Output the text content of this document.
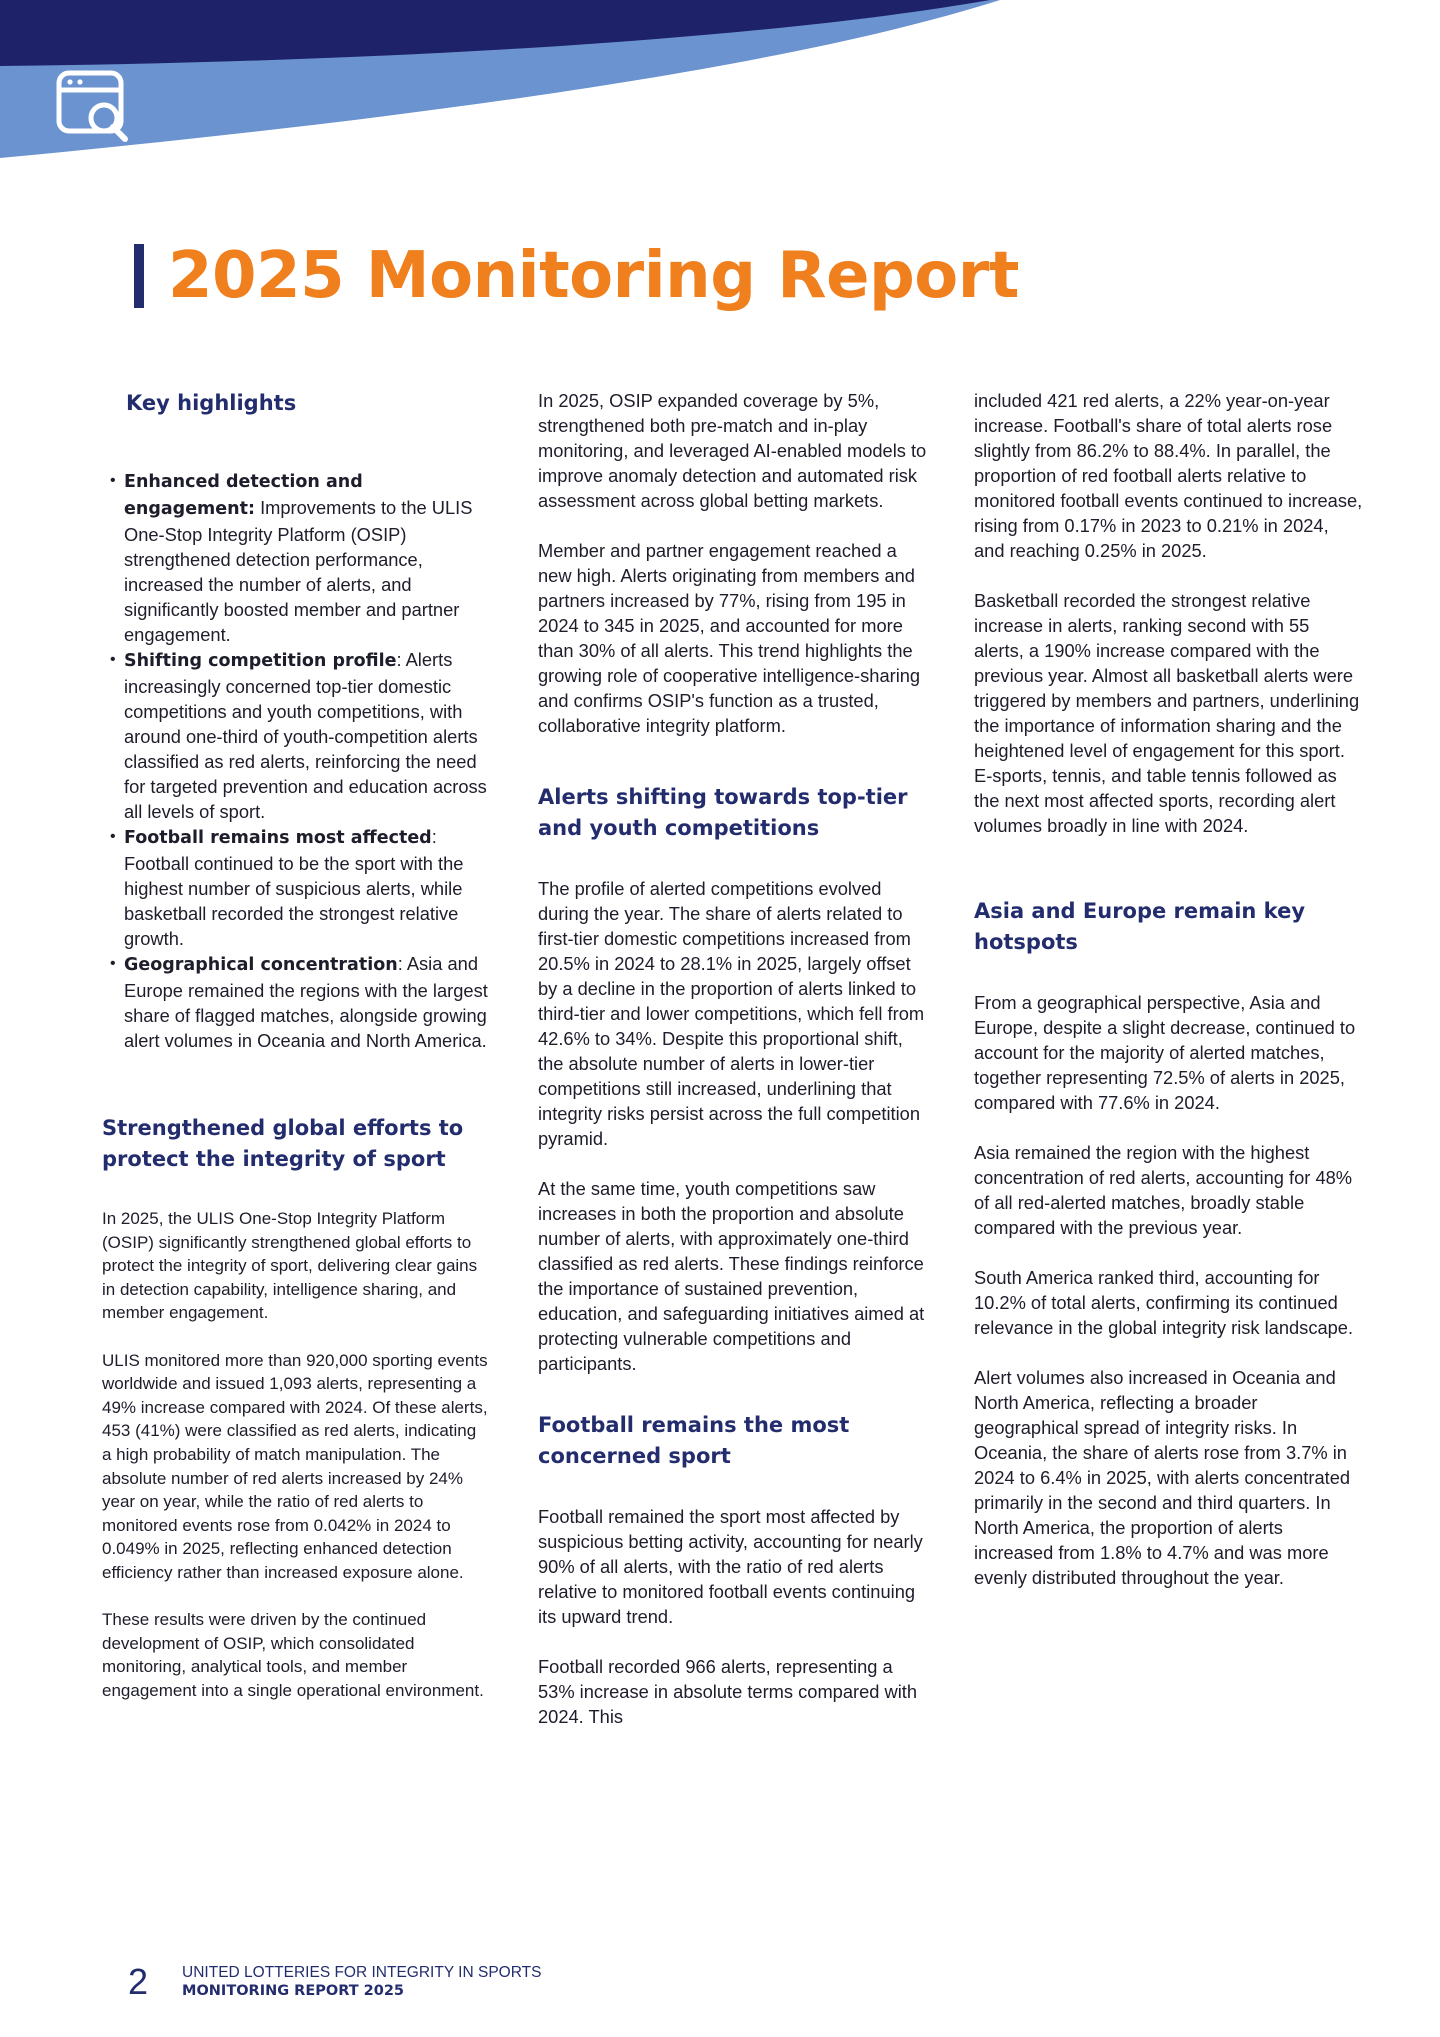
2025 Monitoring Report
Key highlights
• Enhanced detection and engagement: Improvements to the ULIS One-Stop Integrity Platform (OSIP) strengthened detection performance, increased the number of alerts, and significantly boosted member and partner engagement.
• Shifting competition profile: Alerts increasingly concerned top-tier domestic competitions and youth competitions, with around one-third of youth-competition alerts classified as red alerts, reinforcing the need for targeted prevention and education across all levels of sport.
• Football remains most affected: Football continued to be the sport with the highest number of suspicious alerts, while basketball recorded the strongest relative growth.
• Geographical concentration: Asia and Europe remained the regions with the largest share of flagged matches, alongside growing alert volumes in Oceania and North America.
Strengthened global efforts to protect the integrity of sport

In 2025, the ULIS One-Stop Integrity Platform (OSIP) significantly strengthened global efforts to protect the integrity of sport, delivering clear gains in detection capability, intelligence sharing, and member engagement.

ULIS monitored more than 920,000 sporting events worldwide and issued 1,093 alerts, representing a 49% increase compared with 2024. Of these alerts, 453 (41%) were classified as red alerts, indicating a high probability of match manipulation. The absolute number of red alerts increased by 24% year on year, while the ratio of red alerts to monitored events rose from 0.042% in 2024 to 0.049% in 2025, reflecting enhanced detection efficiency rather than increased exposure alone.

These results were driven by the continued development of OSIP, which consolidated monitoring, analytical tools, and member engagement into a single operational environment.

In 2025, OSIP expanded coverage by 5%, strengthened both pre-match and in-play monitoring, and leveraged AI-enabled models to improve anomaly detection and automated risk assessment across global betting markets.

Member and partner engagement reached a new high. Alerts originating from members and partners increased by 77%, rising from 195 in 2024 to 345 in 2025, and accounted for more than 30% of all alerts. This trend highlights the growing role of cooperative intelligence-sharing and confirms OSIP's function as a trusted, collaborative integrity platform.

Alerts shifting towards top-tier and youth competitions

The profile of alerted competitions evolved during the year. The share of alerts related to first-tier domestic competitions increased from 20.5% in 2024 to 28.1% in 2025, largely offset by a decline in the proportion of alerts linked to third-tier and lower competitions, which fell from 42.6% to 34%. Despite this proportional shift, the absolute number of alerts in lower-tier competitions still increased, underlining that integrity risks persist across the full competition pyramid.

At the same time, youth competitions saw increases in both the proportion and absolute number of alerts, with approximately one-third classified as red alerts. These findings reinforce the importance of sustained prevention, education, and safeguarding initiatives aimed at protecting vulnerable competitions and participants.

Football remains the most concerned sport

Football remained the sport most affected by suspicious betting activity, accounting for nearly 90% of all alerts, with the ratio of red alerts relative to monitored football events continuing its upward trend.

Football recorded 966 alerts, representing a 53% increase in absolute terms compared with 2024. This

included 421 red alerts, a 22% year-on-year increase. Football's share of total alerts rose slightly from 86.2% to 88.4%. In parallel, the proportion of red football alerts relative to monitored football events continued to increase, rising from 0.17% in 2023 to 0.21% in 2024, and reaching 0.25% in 2025.

Basketball recorded the strongest relative increase in alerts, ranking second with 55 alerts, a 190% increase compared with the previous year. Almost all basketball alerts were triggered by members and partners, underlining the importance of information sharing and the heightened level of engagement for this sport. E-sports, tennis, and table tennis followed as the next most affected sports, recording alert volumes broadly in line with 2024.

Asia and Europe remain key hotspots

From a geographical perspective, Asia and Europe, despite a slight decrease, continued to account for the majority of alerted matches, together representing 72.5% of alerts in 2025, compared with 77.6% in 2024.

Asia remained the region with the highest concentration of red alerts, accounting for 48% of all red-alerted matches, broadly stable compared with the previous year.

South America ranked third, accounting for 10.2% of total alerts, confirming its continued relevance in the global integrity risk landscape.

Alert volumes also increased in Oceania and North America, reflecting a broader geographical spread of integrity risks. In Oceania, the share of alerts rose from 3.7% in 2024 to 6.4% in 2025, with alerts concentrated primarily in the second and third quarters. In North America, the proportion of alerts increased from 1.8% to 4.7% and was more evenly distributed throughout the year.

2 UNITED LOTTERIES FOR INTEGRITY IN SPORTS
MONITORING REPORT 2025
